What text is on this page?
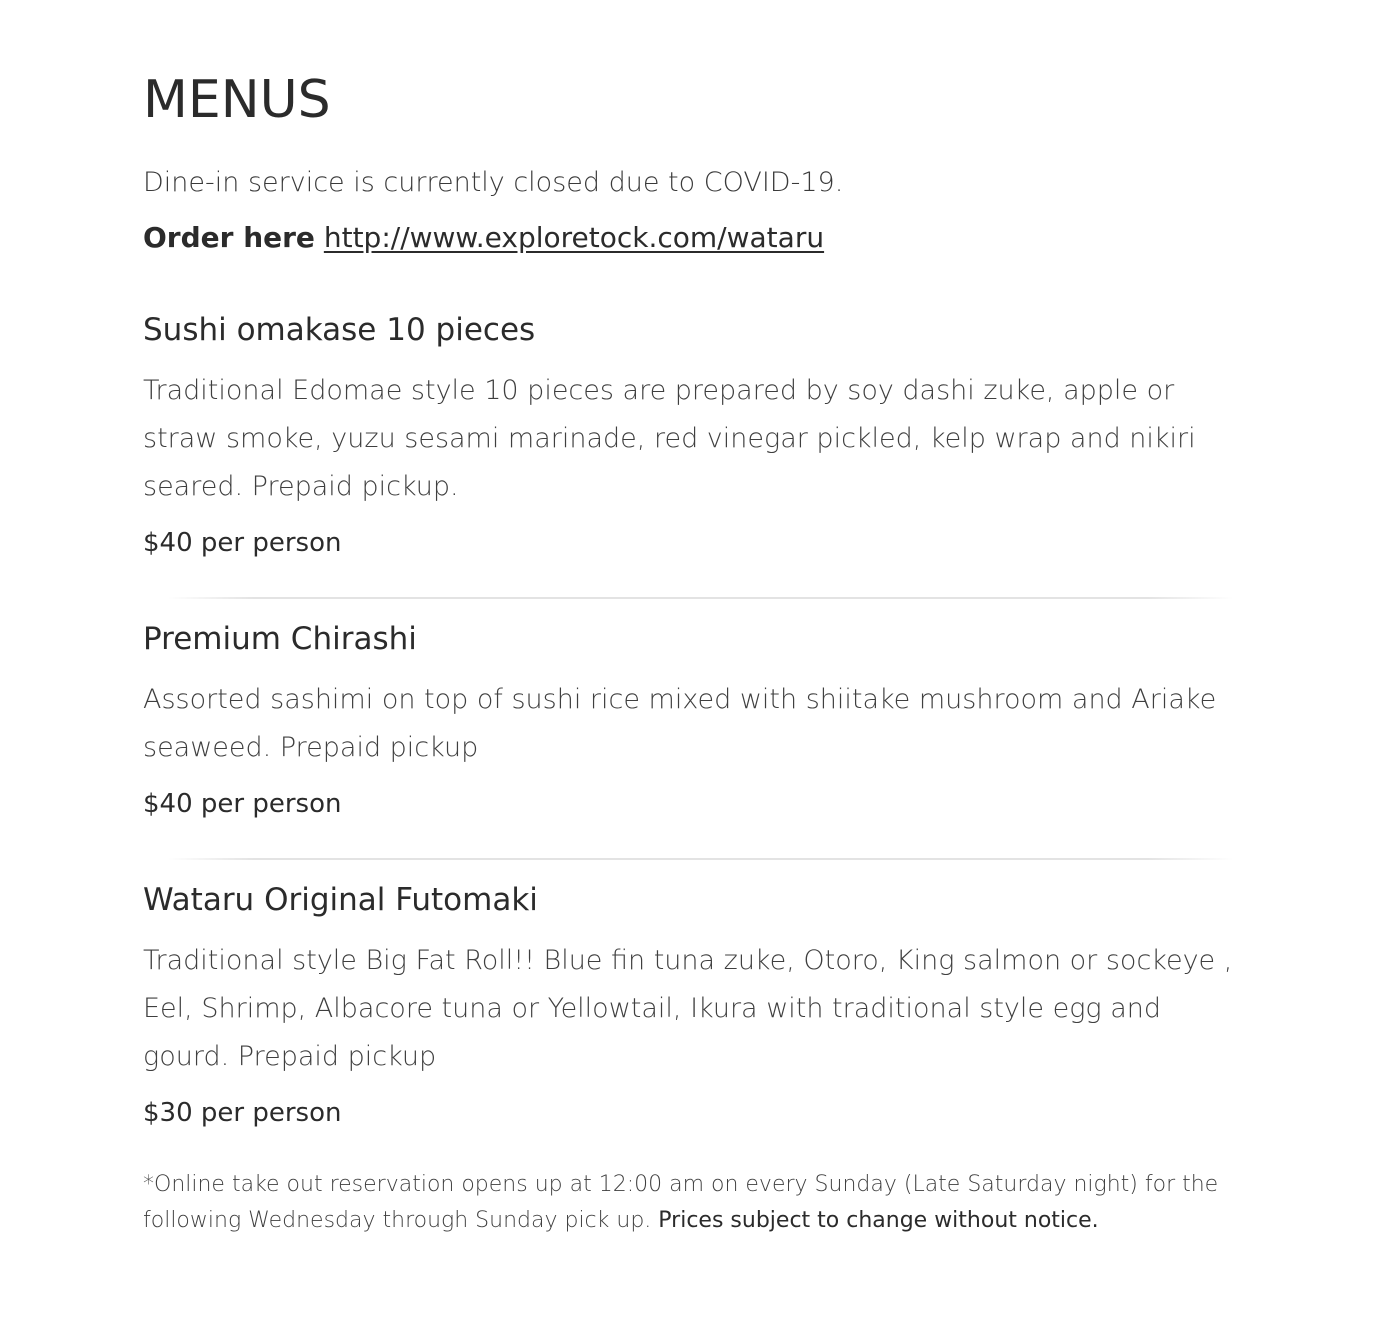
MENUS

Dine-in service is currently closed due to COVID-19.

Order here http://www.exploretock.com/wataru

Sushi omakase 10 pieces

Traditional Edomae style 10 pieces are prepared by soy dashi zuke, apple or straw smoke, yuzu sesami marinade, red vinegar pickled, kelp wrap and nikiri seared. Prepaid pickup.

$40 per person

Premium Chirashi

Assorted sashimi on top of sushi rice mixed with shiitake mushroom and Ariake seaweed. Prepaid pickup

$40 per person

Wataru Original Futomaki

Traditional style Big Fat Roll!! Blue fin tuna zuke, Otoro, King salmon or sockeye , Eel, Shrimp, Albacore tuna or Yellowtail, Ikura with traditional style egg and gourd. Prepaid pickup

$30 per person

*Online take out reservation opens up at 12:00 am on every Sunday (Late Saturday night) for the following Wednesday through Sunday pick up. Prices subject to change without notice.
